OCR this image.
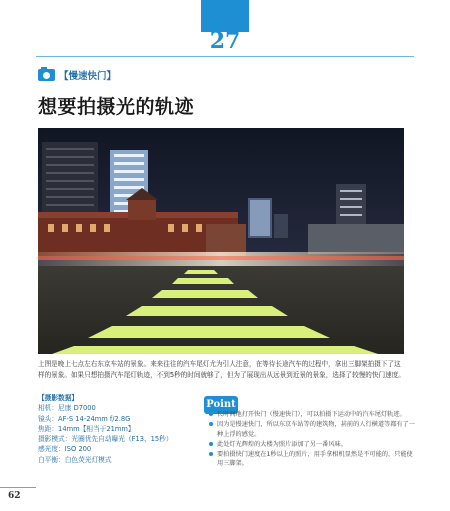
27
【慢速快门】
想要拍摄光的轨迹
上图是晚上七点左右东京车站的景象。来来往往的汽车尾灯尤为引人注意，在等待长途汽车的过程中，拿出三脚架拍摄下了这样的景象。如果只想拍摄汽车尾灯轨迹，不到5秒的时间就够了，但为了展现出从远景到近景的景象，选择了较慢的快门速度。
【摄影数据】
相机：尼康 D7000
镜头：AF-S 14-24mm f/2.8G
焦距：14mm【相当于21mm】
摄影模式：光圈优先自动曝光（F13、15秒）
感光度：ISO 200
白平衡：白色荧光灯模式
Point
长时间地打开快门（慢速快门），可以拍摄下运动中的汽车尾灯轨迹。
因为是慢速快门，所以东京车站等的建筑物，甚前的人行横道等都有了一种上浮的感觉。
此处灯光辉煌的大楼为照片添加了另一番风味。
要拍摄快门速度在1秒以上的照片，用手拿相机显然是不可能的，只能使用三脚架。
62
